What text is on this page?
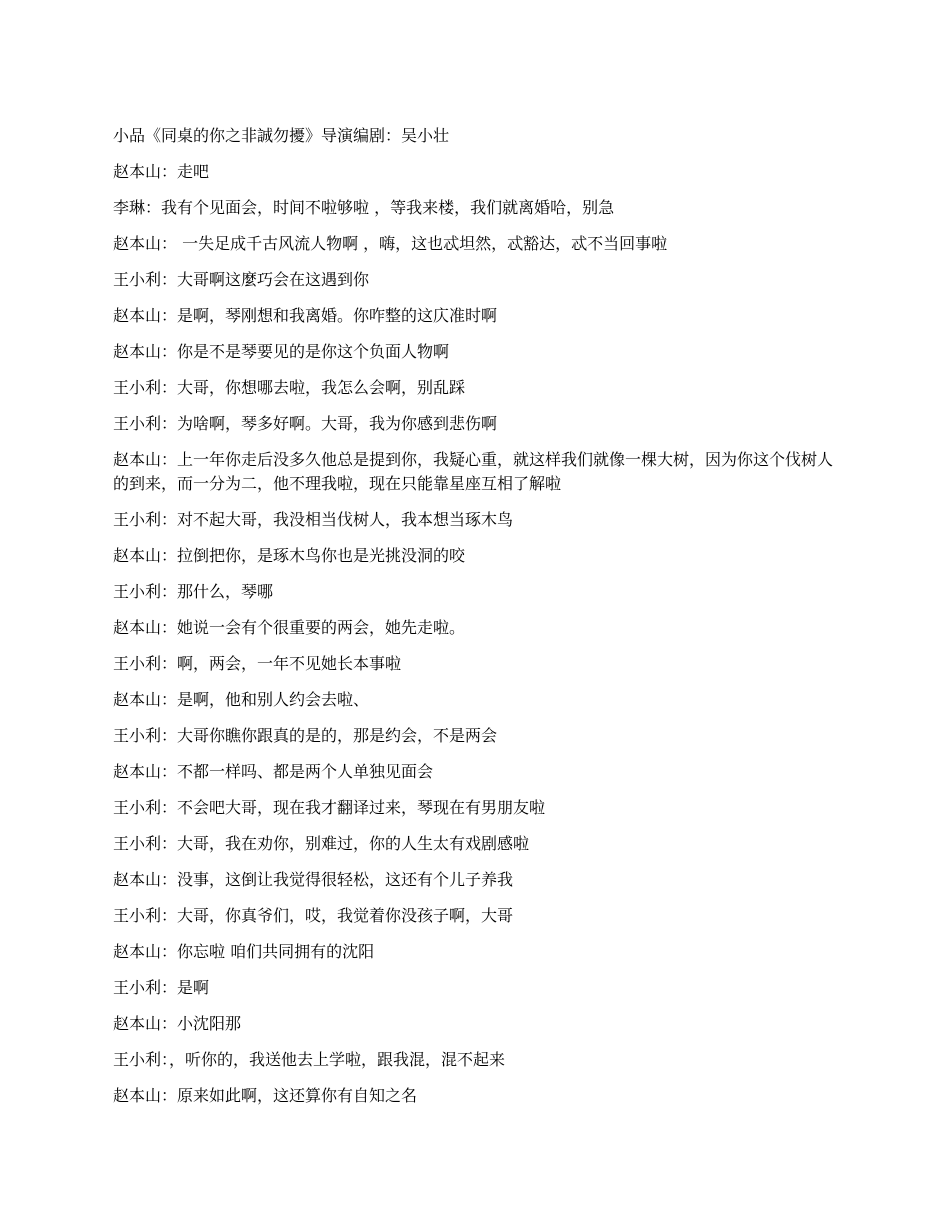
小品《同桌的你之非誠勿擾》导演编剧：吴小壮

赵本山：走吧

李琳：我有个见面会，时间不啦够啦 ，等我来楼，我们就离婚哈，别急

赵本山： 一失足成千古风流人物啊 ，嗨，这也忒坦然，忒豁达，忒不当回事啦

王小利：大哥啊这麼巧会在这遇到你

赵本山：是啊，琴刚想和我离婚。你咋整的这庂准时啊

赵本山：你是不是琴要见的是你这个负面人物啊

王小利：大哥，你想哪去啦，我怎么会啊，别乱踩

王小利：为啥啊，琴多好啊。大哥，我为你感到悲伤啊

赵本山：上一年你走后没多久他总是提到你，我疑心重，就这样我们就像一棵大树，因为你这个伐树人的到来，而一分为二，他不理我啦，现在只能靠星座互相了解啦

王小利：对不起大哥，我没相当伐树人，我本想当琢木鸟

赵本山：拉倒把你，是琢木鸟你也是光挑没洞的咬

王小利：那什么，琴哪

赵本山：她说一会有个很重要的两会，她先走啦。

王小利：啊，两会，一年不见她长本事啦

赵本山：是啊，他和别人约会去啦、

王小利：大哥你瞧你跟真的是的，那是约会，不是两会

赵本山：不都一样吗、都是两个人单独见面会

王小利：不会吧大哥，现在我才翻译过来，琴现在有男朋友啦

王小利：大哥，我在劝你，别难过，你的人生太有戏剧感啦

赵本山：没事，这倒让我觉得很轻松，这还有个儿子养我

王小利：大哥，你真爷们，哎，我觉着你没孩子啊，大哥

赵本山：你忘啦 咱们共同拥有的沈阳

王小利：是啊

赵本山：小沈阳那

王小利：，听你的，我送他去上学啦，跟我混，混不起来

赵本山：原来如此啊，这还算你有自知之名
